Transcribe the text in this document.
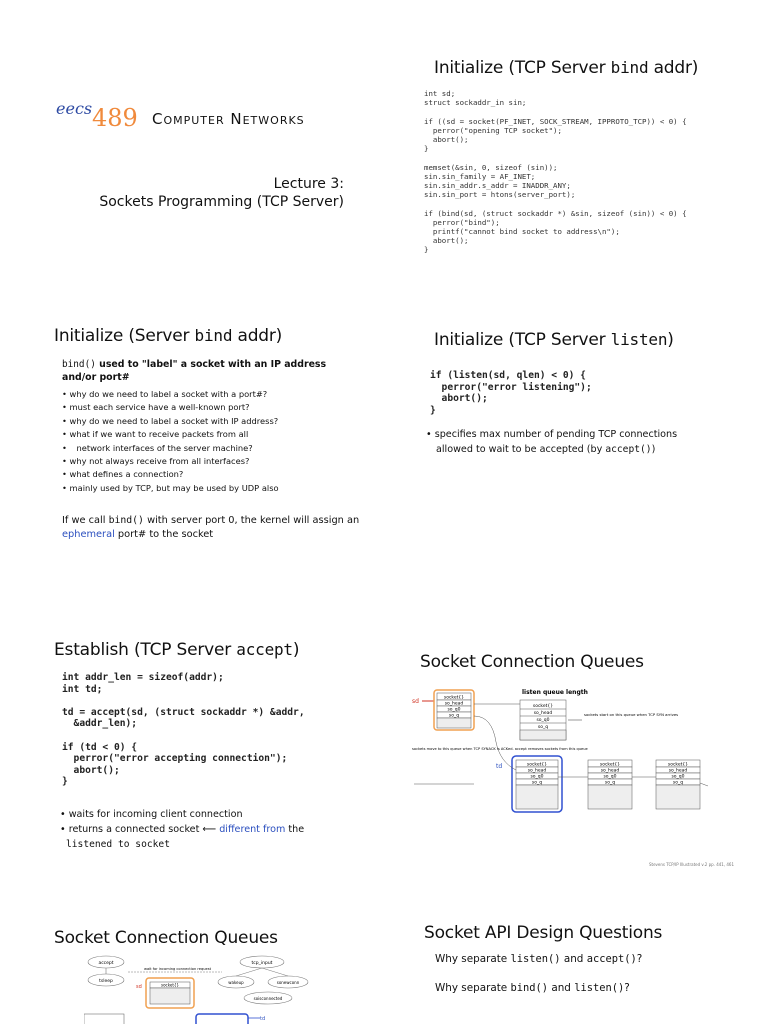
eecs 489 Computer Networks
Lecture 3:
Sockets Programming (TCP Server)
Initialize (TCP Server bind addr)
int sd;
struct sockaddr_in sin;

if ((sd = socket(PF_INET, SOCK_STREAM, IPPROTO_TCP)) < 0) {
perror("opening TCP socket");
abort();
}

memset(&sin, 0, sizeof (sin));
sin.sin_family = AF_INET;
sin.sin_addr.s_addr = INADDR_ANY;
sin.sin_port = htons(server_port);

if (bind(sd, (struct sockaddr *) &sin, sizeof (sin)) < 0) {
perror("bind");
printf("cannot bind socket to address\n");
abort();
}
Initialize (Server bind addr)
bind() used to "label" a socket with an IP address and/or port#
• why do we need to label a socket with a port#?
• must each service have a well-known port?
• why do we need to label a socket with IP address?
• what if we want to receive packets from all
• network interfaces of the server machine?
• why not always receive from all interfaces?
• what defines a connection?
• mainly used by TCP, but may be used by UDP also
If we call bind() with server port 0, the kernel will assign an ephemeral port# to the socket
Initialize (TCP Server listen)
if (listen(sd, qlen) < 0) {
perror("error listening");
abort();
}
• specifies max number of pending TCP connections
allowed to wait to be accepted (by accept())
Establish (TCP Server accept)
int addr_len = sizeof(addr);
int td;

td = accept(sd, (struct sockaddr *) &addr,
&addr_len);

if (td < 0) {
perror("error accepting connection");
abort();
}
• waits for incoming client connection
• returns a connected socket ⟵ different from the
listened to socket
Socket Connection Queues
sd	socket{}
so_head
so_q0
so_q
listen queue length
socket{}
so_head
so_q0
so_q
sockets start on this queue when TCP SYN arrives
sockets move to this queue when TCP SYNACK is ACKed. accept removes sockets from this queue
td	socket{}
so_head
so_q0
so_q
socket{}
so_head
so_q0
so_q
socket{}
so_head
so_q0
so_q
Stevens TCP/IP Illustrated v.2 pp. 441, 461
Socket Connection Queues
accept
tsleep
wait for incoming connection request
sd	socket{}
tcp_input
wakeup	sonewconn
soisconnected
td
Socket API Design Questions
Why separate listen() and accept()?
Why separate bind() and listen()?
